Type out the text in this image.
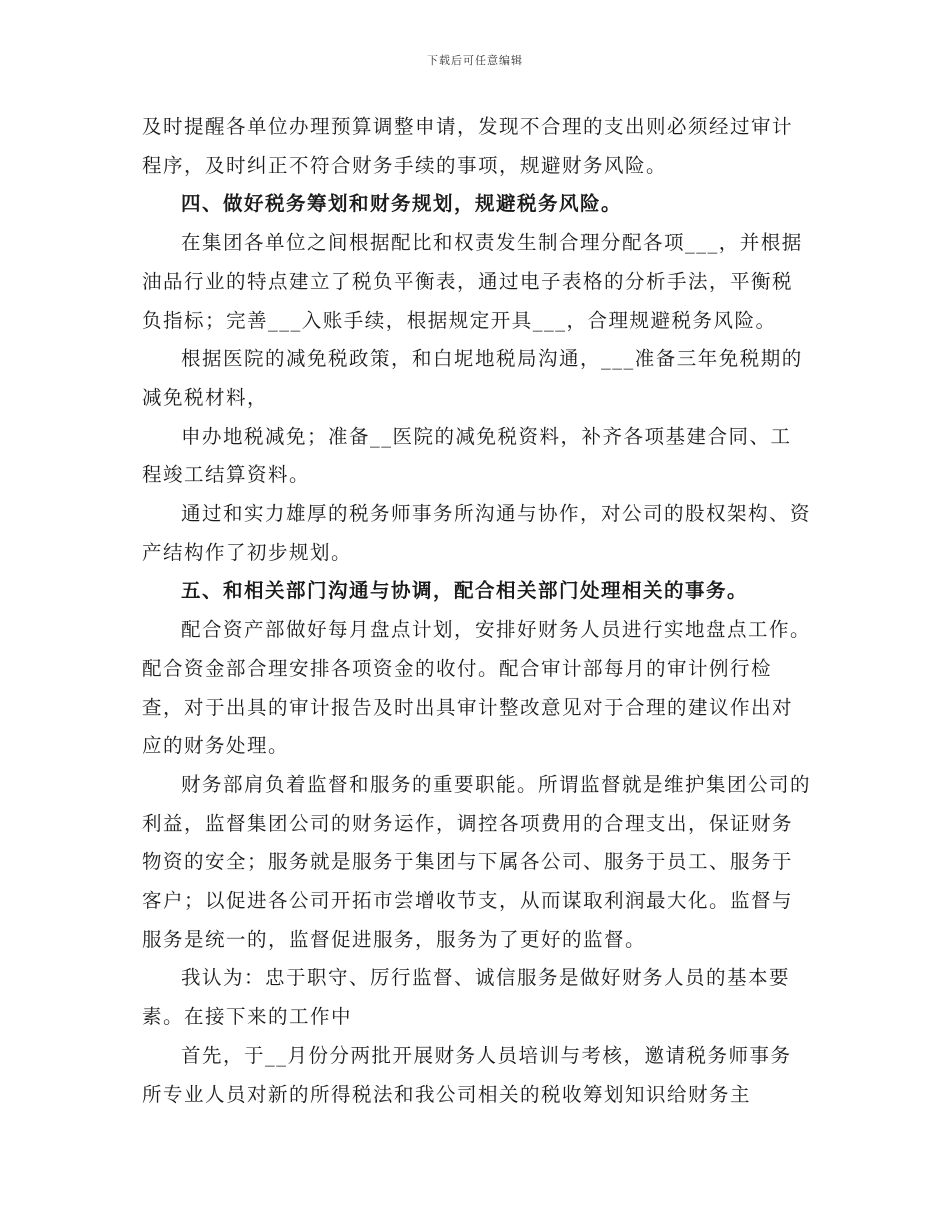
下载后可任意编辑

及时提醒各单位办理预算调整申请，发现不合理的支出则必须经过审计程序，及时纠正不符合财务手续的事项，规避财务风险。

四、做好税务筹划和财务规划，规避税务风险。

在集团各单位之间根据配比和权责发生制合理分配各项___，并根据油品行业的特点建立了税负平衡表，通过电子表格的分析手法，平衡税负指标；完善___入账手续，根据规定开具___，合理规避税务风险。

根据医院的减免税政策，和白坭地税局沟通，___准备三年免税期的减免税材料，

申办地税减免；准备__医院的减免税资料，补齐各项基建合同、工程竣工结算资料。

通过和实力雄厚的税务师事务所沟通与协作，对公司的股权架构、资产结构作了初步规划。

五、和相关部门沟通与协调，配合相关部门处理相关的事务。

配合资产部做好每月盘点计划，安排好财务人员进行实地盘点工作。配合资金部合理安排各项资金的收付。配合审计部每月的审计例行检查，对于出具的审计报告及时出具审计整改意见对于合理的建议作出对应的财务处理。

财务部肩负着监督和服务的重要职能。所谓监督就是维护集团公司的利益，监督集团公司的财务运作，调控各项费用的合理支出，保证财务物资的安全；服务就是服务于集团与下属各公司、服务于员工、服务于客户；以促进各公司开拓市尝增收节支，从而谋取利润最大化。监督与服务是统一的，监督促进服务，服务为了更好的监督。

我认为：忠于职守、厉行监督、诚信服务是做好财务人员的基本要素。在接下来的工作中

首先，于__月份分两批开展财务人员培训与考核，邀请税务师事务所专业人员对新的所得税法和我公司相关的税收筹划知识给财务主
